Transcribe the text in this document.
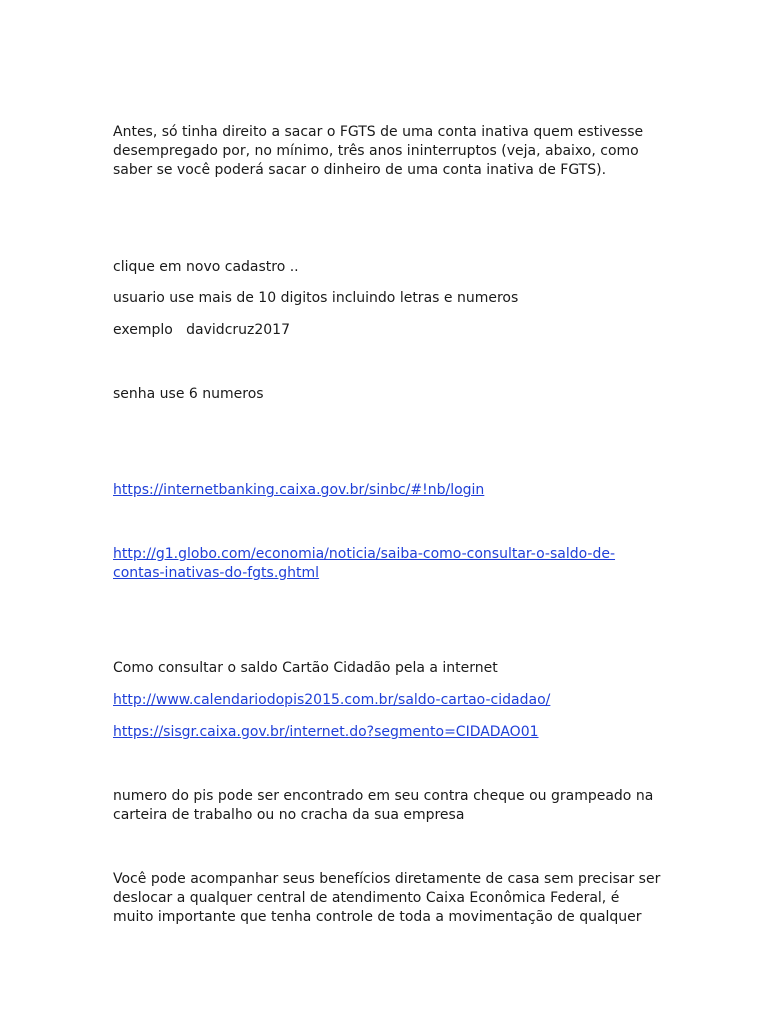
Antes, só tinha direito a sacar o FGTS de uma conta inativa quem estivesse
desempregado por, no mínimo, três anos ininterruptos (veja, abaixo, como
saber se você poderá sacar o dinheiro de uma conta inativa de FGTS).

clique em novo cadastro ..

usuario use mais de 10 digitos incluindo letras e numeros

exemplo   davidcruz2017

senha use 6 numeros

https://internetbanking.caixa.gov.br/sinbc/#!nb/login

http://g1.globo.com/economia/noticia/saiba-como-consultar-o-saldo-de-
contas-inativas-do-fgts.ghtml

Como consultar o saldo Cartão Cidadão pela a internet

http://www.calendariodopis2015.com.br/saldo-cartao-cidadao/

https://sisgr.caixa.gov.br/internet.do?segmento=CIDADAO01

numero do pis pode ser encontrado em seu contra cheque ou grampeado na
carteira de trabalho ou no cracha da sua empresa

Você pode acompanhar seus benefícios diretamente de casa sem precisar ser
deslocar a qualquer central de atendimento Caixa Econômica Federal, é
muito importante que tenha controle de toda a movimentação de qualquer
